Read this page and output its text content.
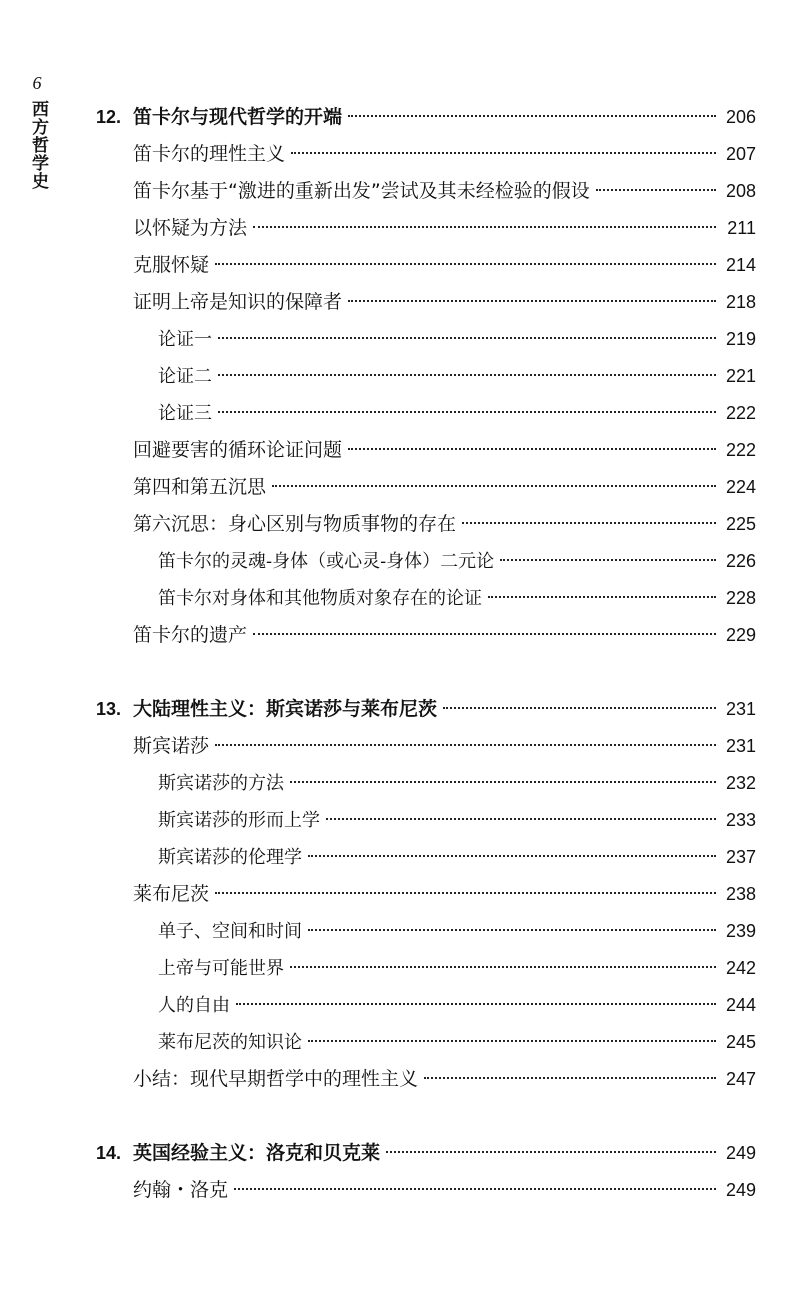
6
西方哲学史	12. 笛卡尔与现代哲学的开端	206
笛卡尔的理性主义	207
笛卡尔基于“激进的重新出发”尝试及其未经检验的假设	208
以怀疑为方法	211
克服怀疑	214
证明上帝是知识的保障者	218
论证一	219
论证二	221
论证三	222
回避要害的循环论证问题	222
第四和第五沉思	224
第六沉思：身心区别与物质事物的存在	225
笛卡尔的灵魂-身体（或心灵-身体）二元论	226
笛卡尔对身体和其他物质对象存在的论证	228
笛卡尔的遗产	229
13. 大陆理性主义：斯宾诺莎与莱布尼茨	231
斯宾诺莎	231
斯宾诺莎的方法	232
斯宾诺莎的形而上学	233
斯宾诺莎的伦理学	237
莱布尼茨	238
单子、空间和时间	239
上帝与可能世界	242
人的自由	244
莱布尼茨的知识论	245
小结：现代早期哲学中的理性主义	247
14. 英国经验主义：洛克和贝克莱	249
约翰・洛克	249
